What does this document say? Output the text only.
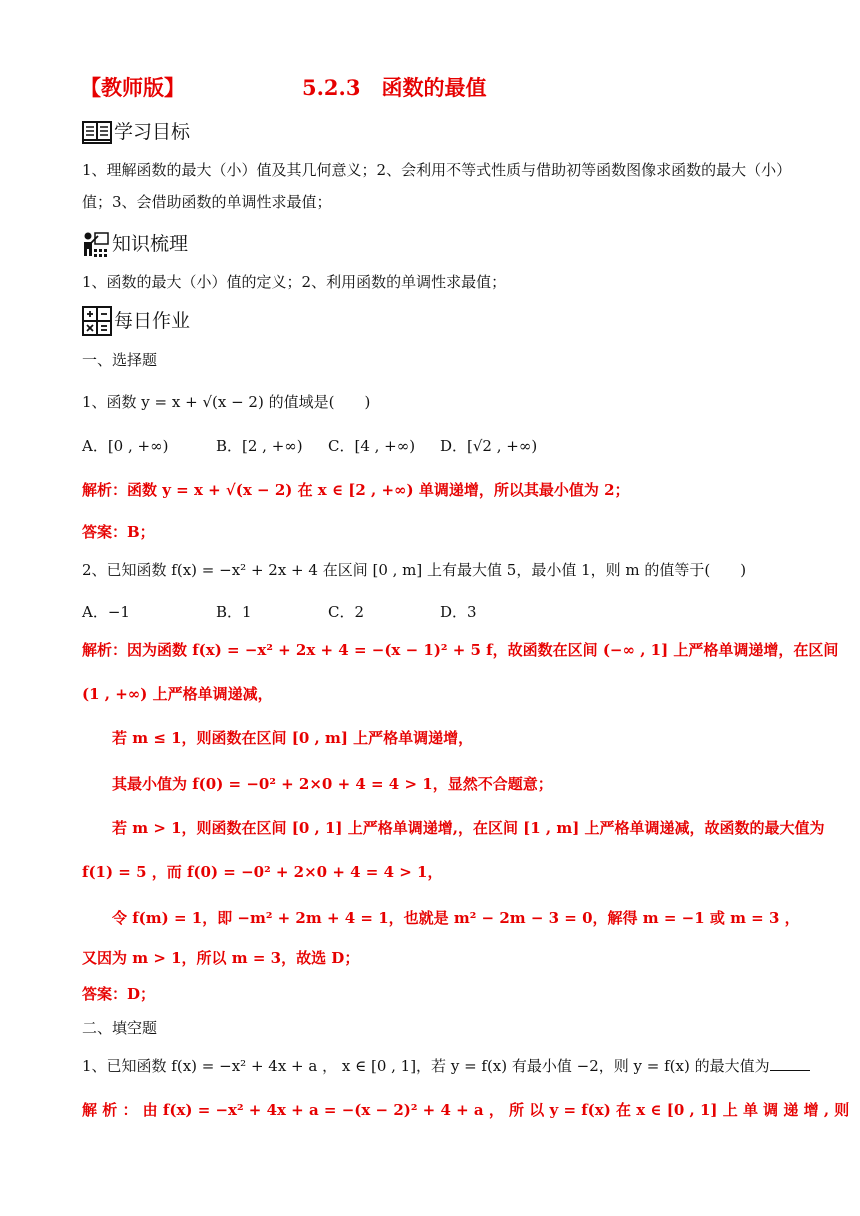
【教师版】	5.2.3　函数的最值
学习目标
1、理解函数的最大（小）值及其几何意义；2、会利用不等式性质与借助初等函数图像求函数的最大（小）
值；3、会借助函数的单调性求最值；
知识梳理
1、函数的最大（小）值的定义；2、利用函数的单调性求最值；
每日作业
一、选择题
1、函数 y = x + √(x − 2) 的值域是(　　)
A．[0 , +∞)	B．[2 , +∞) C．[4 , +∞) D．[√2 , +∞)
解析：函数 y = x + √(x − 2) 在 x ∈ [2 , +∞) 单调递增，所以其最小值为 2；
答案：B；
2、已知函数 f(x) = −x² + 2x + 4 在区间 [0 , m] 上有最大值 5，最小值 1，则 m 的值等于(　　)
A．−1	B．1	C．2	D．3
解析：因为函数 f(x) = −x² + 2x + 4 = −(x − 1)² + 5 f，故函数在区间 (−∞ , 1] 上严格单调递增，在区间
(1 , +∞) 上严格单调递减，
若 m ≤ 1，则函数在区间 [0 , m] 上严格单调递增，
其最小值为 f(0) = −0² + 2×0 + 4 = 4 > 1，显然不合题意；
若 m > 1，则函数在区间 [0 , 1] 上严格单调递增,，在区间 [1 , m] 上严格单调递减，故函数的最大值为
f(1) = 5 ，而 f(0) = −0² + 2×0 + 4 = 4 > 1，
令 f(m) = 1，即 −m² + 2m + 4 = 1，也就是 m² − 2m − 3 = 0，解得 m = −1 或 m = 3 ，
又因为 m > 1，所以 m = 3，故选 D；
答案：D；
二、填空题
1、已知函数 f(x) = −x² + 4x + a ， x ∈ [0 , 1]，若 y = f(x) 有最小值 −2，则 y = f(x) 的最大值为
解 析 ： 由 f(x) = −x² + 4x + a = −(x − 2)² + 4 + a ， 所 以 y = f(x) 在 x ∈ [0 , 1] 上 单 调 递 增 , 则
